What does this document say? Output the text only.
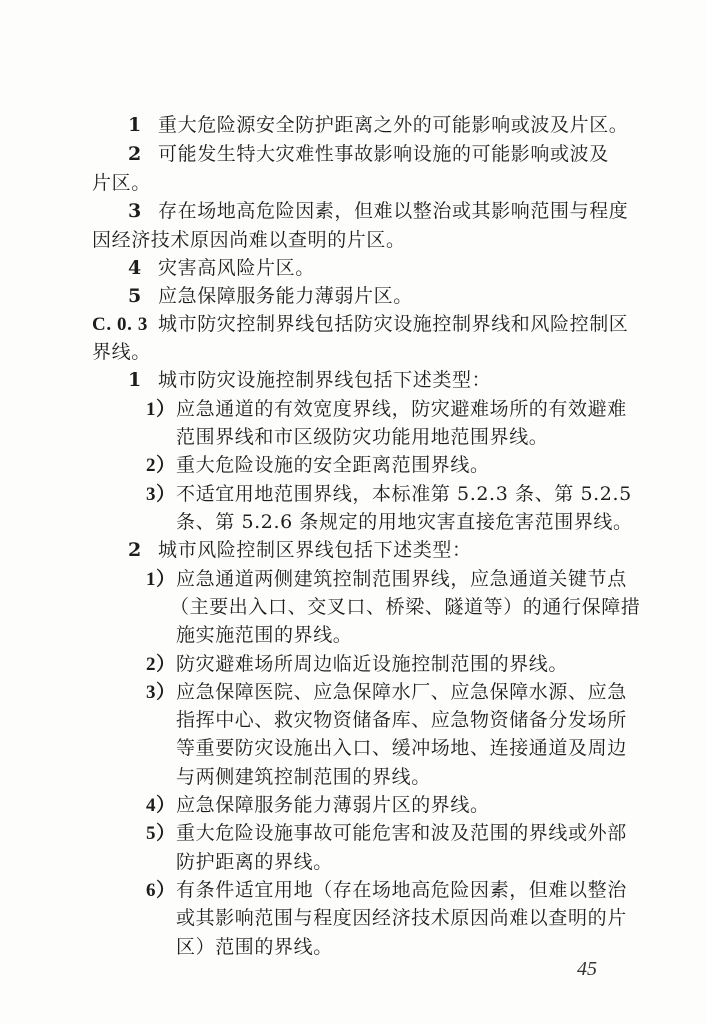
1 重大危险源安全防护距离之外的可能影响或波及片区。
2 可能发生特大灾难性事故影响设施的可能影响或波及
片区。
3 存在场地高危险因素，但难以整治或其影响范围与程度
因经济技术原因尚难以查明的片区。
4 灾害高风险片区。
5 应急保障服务能力薄弱片区。
C. 0. 3 城市防灾控制界线包括防灾设施控制界线和风险控制区
界线。
1 城市防灾设施控制界线包括下述类型：
1）应急通道的有效宽度界线，防灾避难场所的有效避难
范围界线和市区级防灾功能用地范围界线。
2）重大危险设施的安全距离范围界线。
3）不适宜用地范围界线，本标准第 5.2.3 条、第 5.2.5
条、第 5.2.6 条规定的用地灾害直接危害范围界线。
2 城市风险控制区界线包括下述类型：
1）应急通道两侧建筑控制范围界线，应急通道关键节点
（主要出入口、交叉口、桥梁、隧道等）的通行保障措
施实施范围的界线。
2）防灾避难场所周边临近设施控制范围的界线。
3）应急保障医院、应急保障水厂、应急保障水源、应急
指挥中心、救灾物资储备库、应急物资储备分发场所
等重要防灾设施出入口、缓冲场地、连接通道及周边
与两侧建筑控制范围的界线。
4）应急保障服务能力薄弱片区的界线。
5）重大危险设施事故可能危害和波及范围的界线或外部
防护距离的界线。
6）有条件适宜用地（存在场地高危险因素，但难以整治
或其影响范围与程度因经济技术原因尚难以查明的片
区）范围的界线。
45
